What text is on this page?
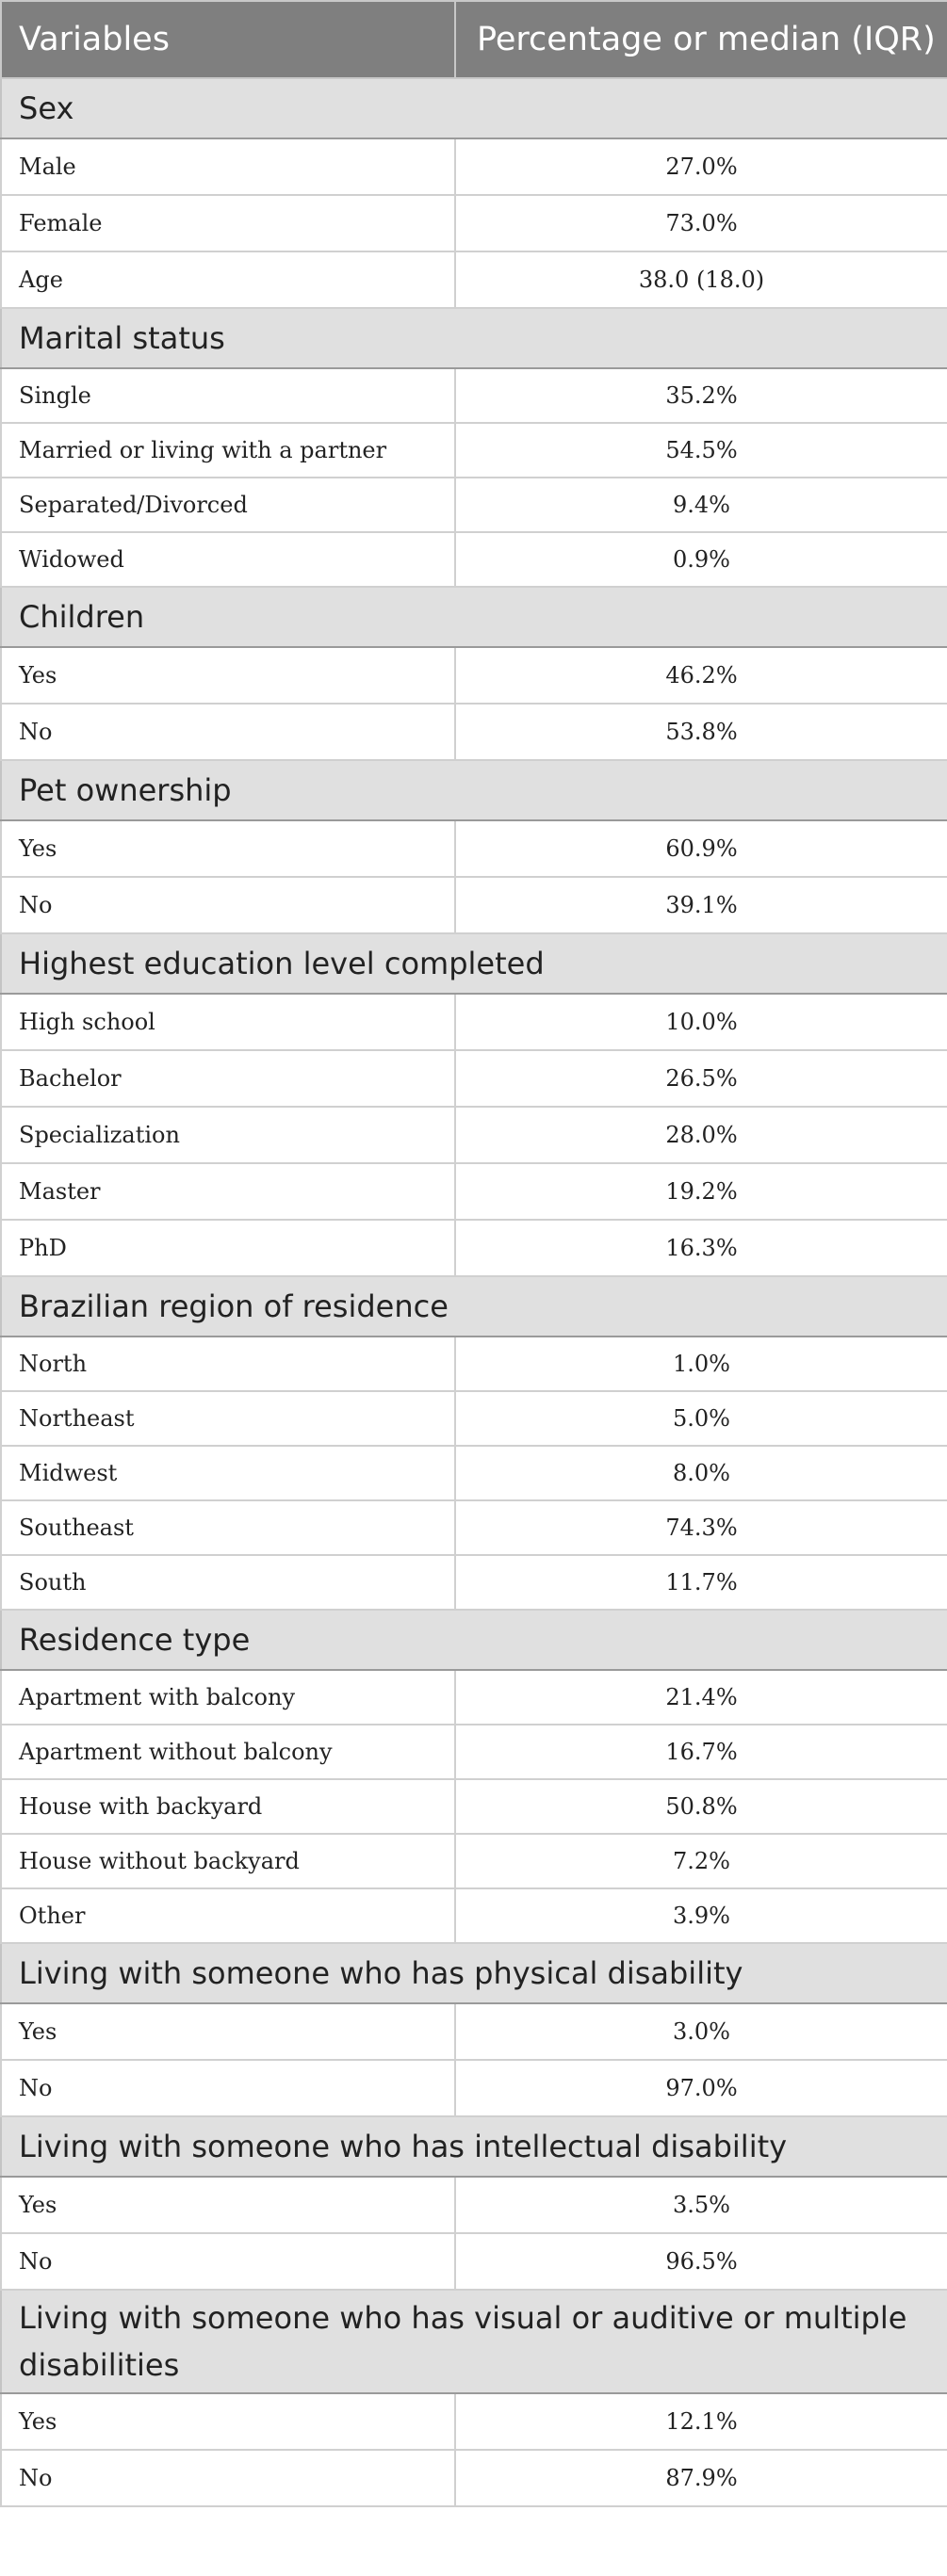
Variables	Percentage or median (IQR)
Sex	
Male	27.0%
Female	73.0%
Age	38.0 (18.0)
Marital status	
Single	35.2%
Married or living with a partner	54.5%
Separated/Divorced	9.4%
Widowed	0.9%
Children	
Yes	46.2%
No	53.8%
Pet ownership	
Yes	60.9%
No	39.1%
Highest education level completed	
High school	10.0%
Bachelor	26.5%
Specialization	28.0%
Master	19.2%
PhD	16.3%
Brazilian region of residence	
North	1.0%
Northeast	5.0%
Midwest	8.0%
Southeast	74.3%
South	11.7%
Residence type	
Apartment with balcony	21.4%
Apartment without balcony	16.7%
House with backyard	50.8%
House without backyard	7.2%
Other	3.9%
Living with someone who has physical disability	
Yes	3.0%
No	97.0%
Living with someone who has intellectual disability	
Yes	3.5%
No	96.5%
Living with someone who has visual or auditive or multiple disabilities	
Yes	12.1%
No	87.9%
